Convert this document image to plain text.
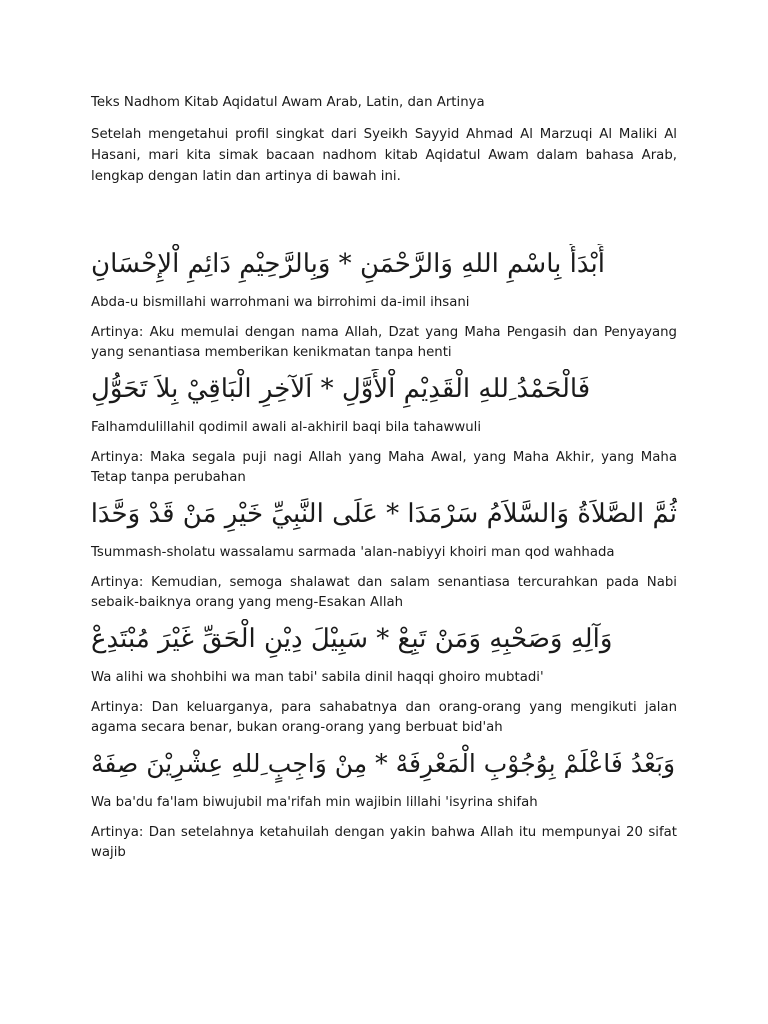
Teks Nadhom Kitab Aqidatul Awam Arab, Latin, dan Artinya

Setelah mengetahui profil singkat dari Syeikh Sayyid Ahmad Al Marzuqi Al Maliki Al Hasani, mari kita simak bacaan nadhom kitab Aqidatul Awam dalam bahasa Arab, lengkap dengan latin dan artinya di bawah ini.

أَبْدَأُ بِاسْمِ اللهِ وَالرَّحْمَنِ * وَبِالرَّحِيْمِ دَائِمِ اْلإِحْسَانِ

Abda-u bismillahi warrohmani wa birrohimi da-imil ihsani

Artinya: Aku memulai dengan nama Allah, Dzat yang Maha Pengasih dan Penyayang yang senantiasa memberikan kenikmatan tanpa henti

فَالْحَمْدُ ِللهِ الْقَدِيْمِ اْلأَوَّلِ * اَلآخِرِ الْبَاقِيْ بِلاَ تَحَوُّلِ

Falhamdulillahil qodimil awali al-akhiril baqi bila tahawwuli

Artinya: Maka segala puji nagi Allah yang Maha Awal, yang Maha Akhir, yang Maha Tetap tanpa perubahan

ثُمَّ الصَّلاَةُ وَالسَّلاَمُ سَرْمَدَا * عَلَى النَّبِيِّ خَيْرِ مَنْ قَدْ وَحَّدَا

Tsummash-sholatu wassalamu sarmada 'alan-nabiyyi khoiri man qod wahhada

Artinya: Kemudian, semoga shalawat dan salam senantiasa tercurahkan pada Nabi sebaik-baiknya orang yang meng-Esakan Allah

وَآلِهِ وَصَحْبِهِ وَمَنْ تَبِعْ * سَبِيْلَ دِيْنِ الْحَقِّ غَيْرَ مُبْتَدِعْ

Wa alihi wa shohbihi wa man tabi' sabila dinil haqqi ghoiro mubtadi'

Artinya: Dan keluarganya, para sahabatnya dan orang-orang yang mengikuti jalan agama secara benar, bukan orang-orang yang berbuat bid'ah

وَبَعْدُ فَاعْلَمْ بِوُجُوْبِ الْمَعْرِفَهْ * مِنْ وَاجِبٍ ِللهِ عِشْرِيْنَ صِفَهْ

Wa ba'du fa'lam biwujubil ma'rifah min wajibin lillahi 'isyrina shifah

Artinya: Dan setelahnya ketahuilah dengan yakin bahwa Allah itu mempunyai 20 sifat wajib
